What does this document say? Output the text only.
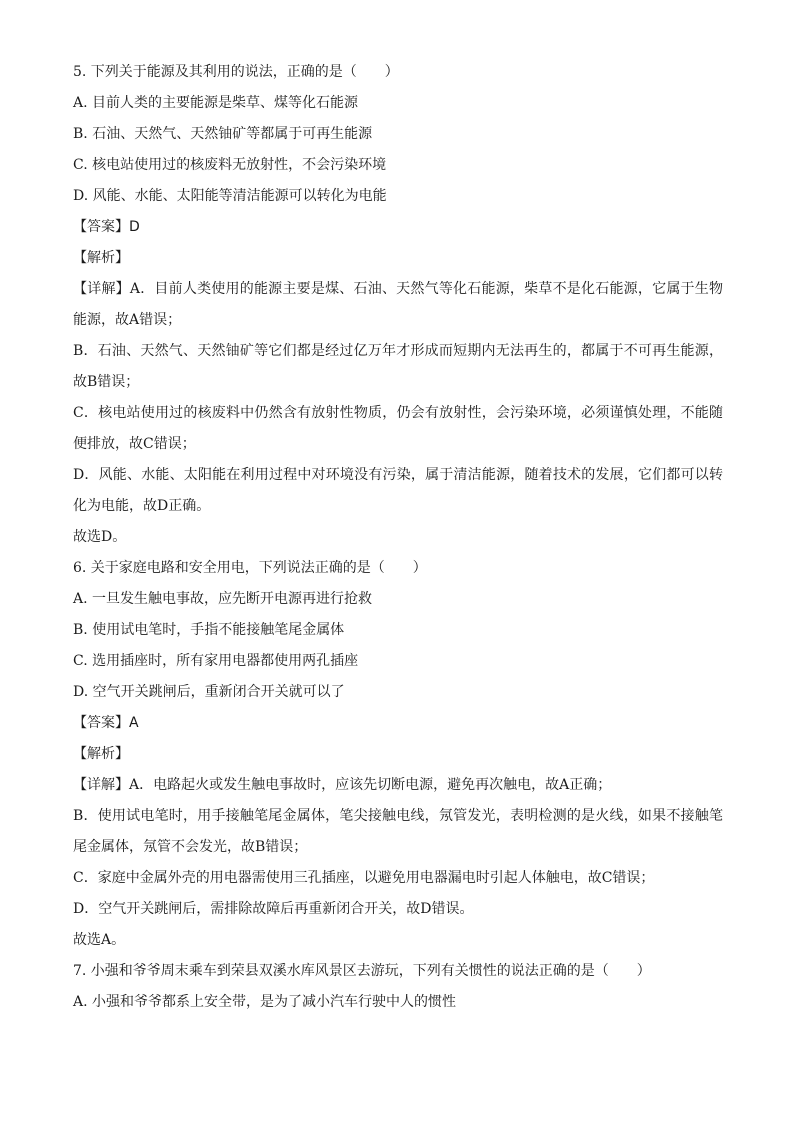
5. 下列关于能源及其利用的说法，正确的是（　　）
A. 目前人类的主要能源是柴草、煤等化石能源
B. 石油、天然气、天然铀矿等都属于可再生能源
C. 核电站使用过的核废料无放射性，不会污染环境
D. 风能、水能、太阳能等清洁能源可以转化为电能
【答案】D
【解析】
【详解】A．目前人类使用的能源主要是煤、石油、天然气等化石能源，柴草不是化石能源，它属于生物
能源，故A错误；
B．石油、天然气、天然铀矿等它们都是经过亿万年才形成而短期内无法再生的，都属于不可再生能源，
故B错误；
C．核电站使用过的核废料中仍然含有放射性物质，仍会有放射性，会污染环境，必须谨慎处理，不能随
便排放，故C错误；
D．风能、水能、太阳能在利用过程中对环境没有污染，属于清洁能源，随着技术的发展，它们都可以转
化为电能，故D正确。
故选D。
6. 关于家庭电路和安全用电，下列说法正确的是（　　）
A. 一旦发生触电事故，应先断开电源再进行抢救
B. 使用试电笔时，手指不能接触笔尾金属体
C. 选用插座时，所有家用电器都使用两孔插座
D. 空气开关跳闸后，重新闭合开关就可以了
【答案】A
【解析】
【详解】A．电路起火或发生触电事故时，应该先切断电源，避免再次触电，故A正确；
B．使用试电笔时，用手接触笔尾金属体，笔尖接触电线，氖管发光，表明检测的是火线，如果不接触笔
尾金属体，氖管不会发光，故B错误；
C．家庭中金属外壳的用电器需使用三孔插座，以避免用电器漏电时引起人体触电，故C错误；
D．空气开关跳闸后，需排除故障后再重新闭合开关，故D错误。
故选A。
7. 小强和爷爷周末乘车到荣县双溪水库风景区去游玩，下列有关惯性的说法正确的是（　　）
A. 小强和爷爷都系上安全带，是为了减小汽车行驶中人的惯性
